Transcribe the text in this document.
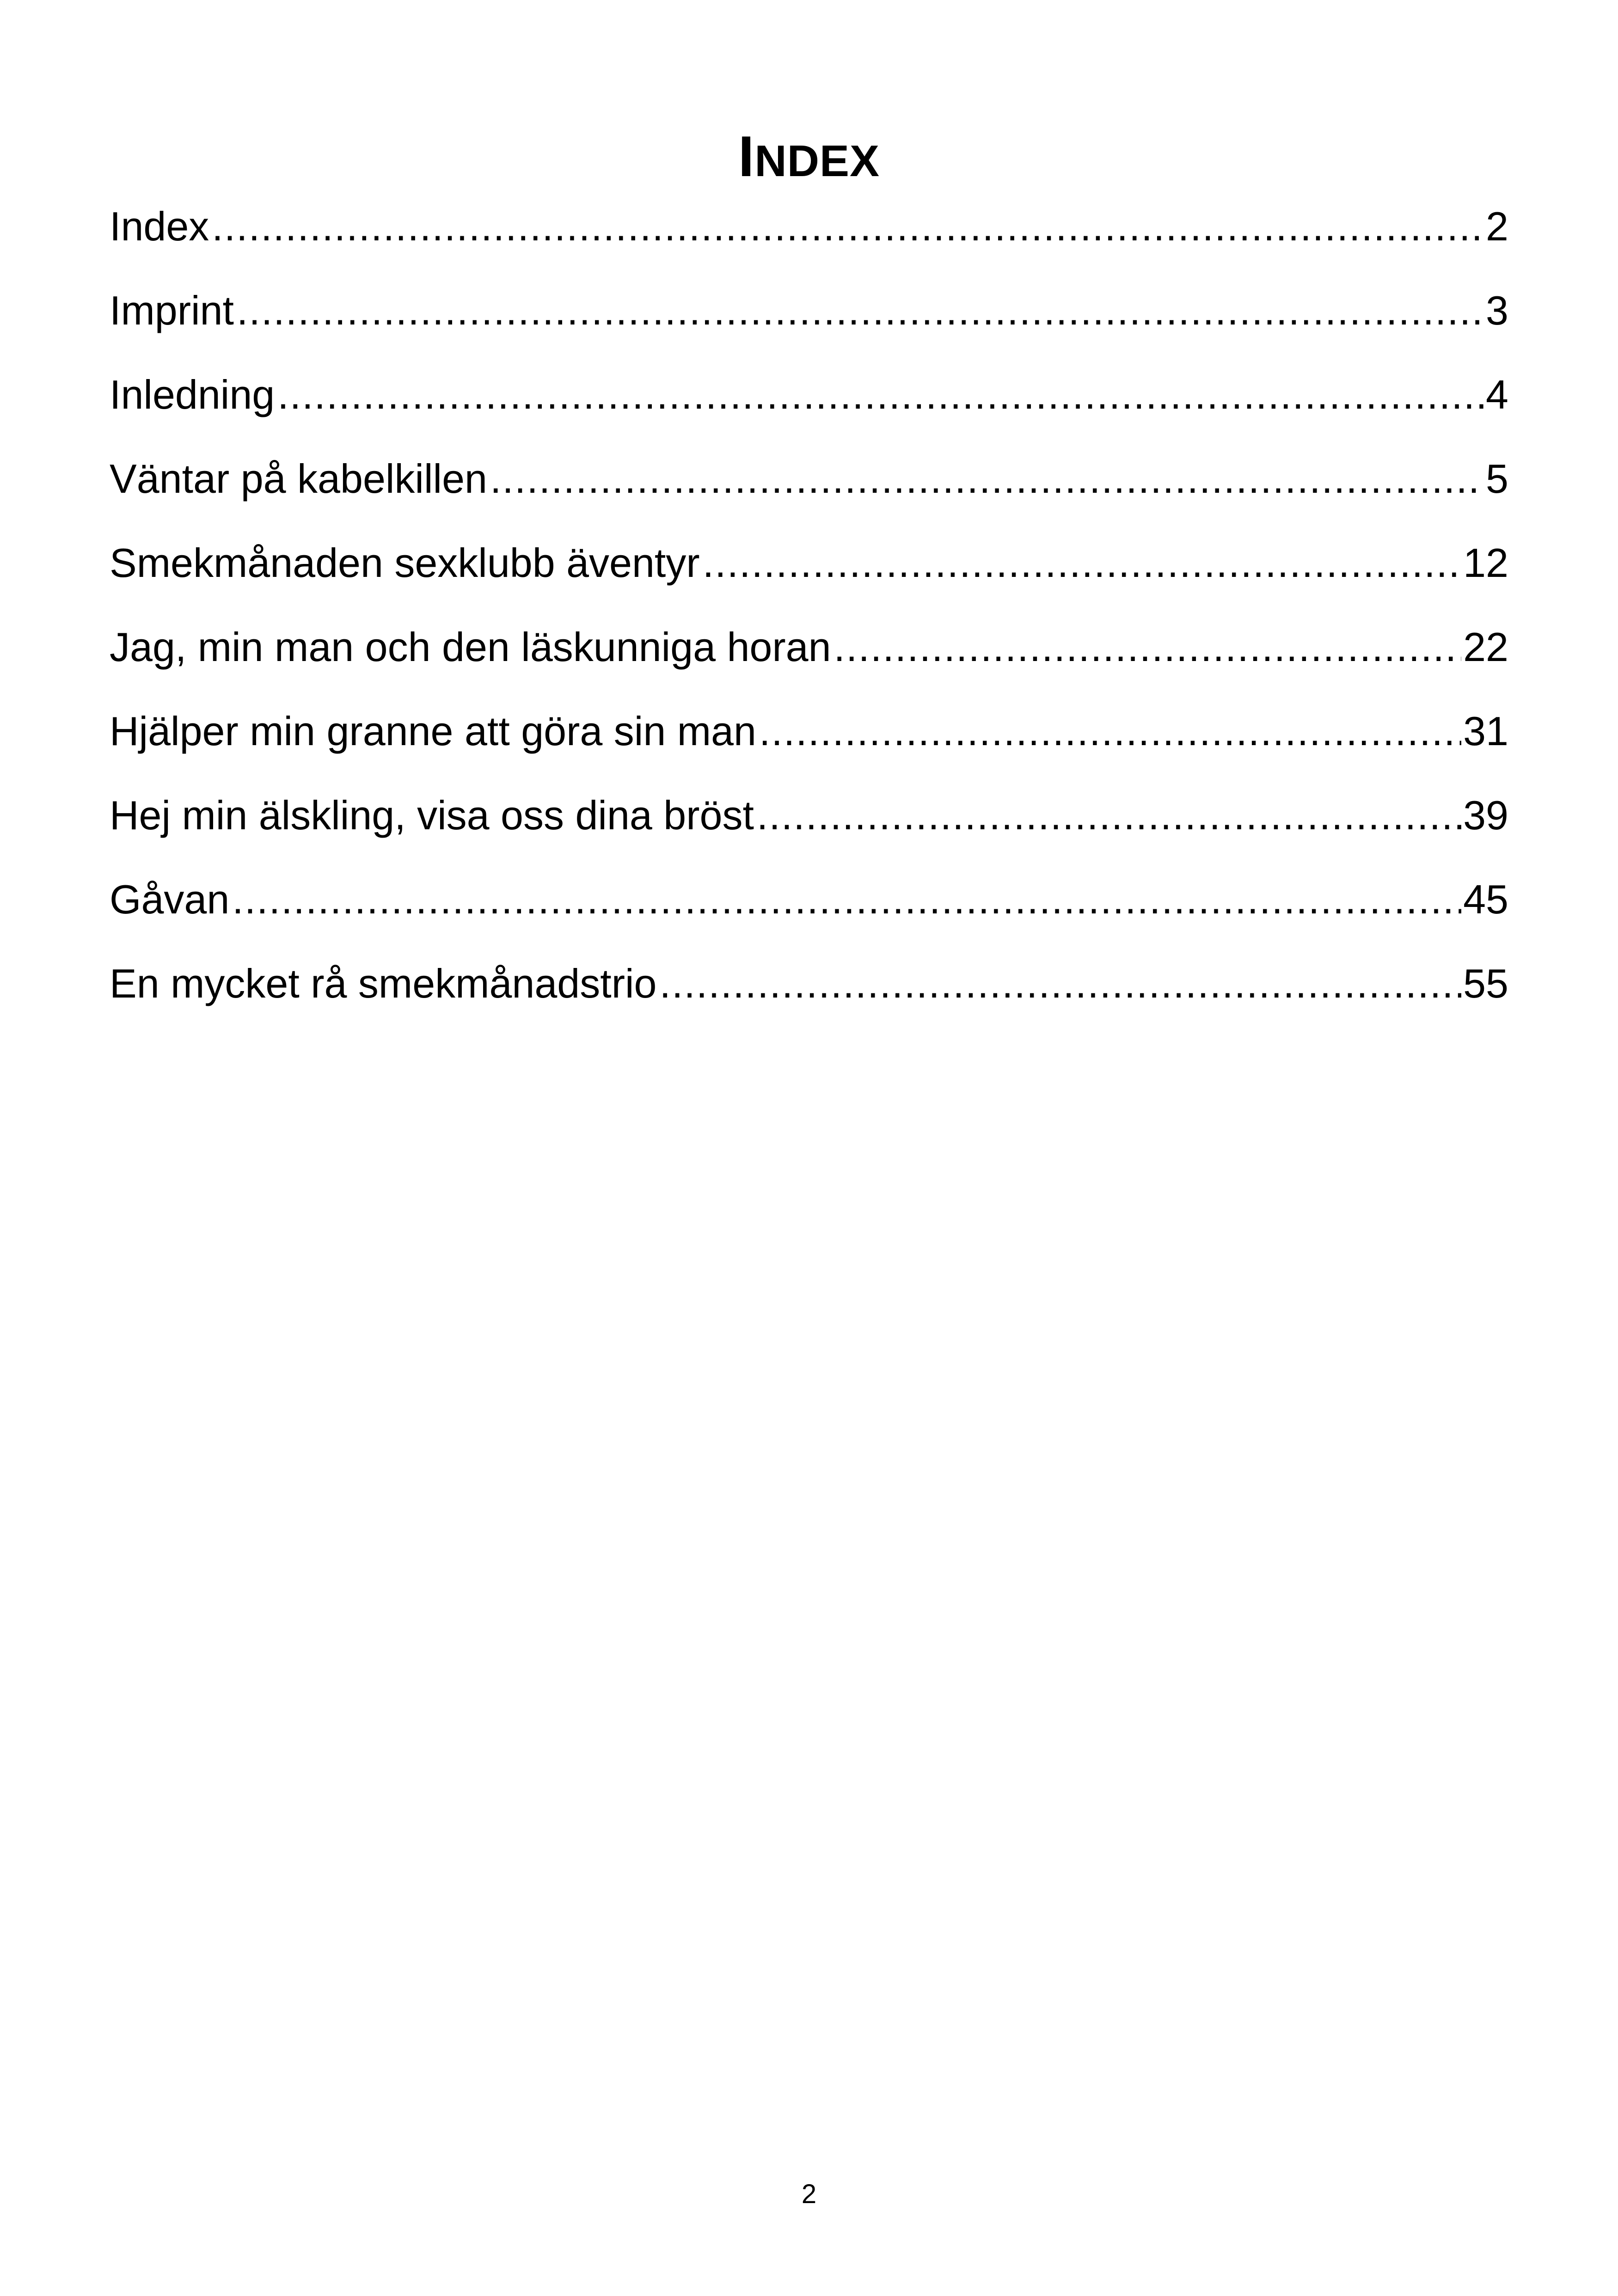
INDEX
Index .....	2
Imprint .....	3
Inledning .....	4
Väntar på kabelkillen .....	5
Smekmånaden sexklubb äventyr .....	12
Jag, min man och den läskunniga horan .....	22
Hjälper min granne att göra sin man .....	31
Hej min älskling, visa oss dina bröst .....	39
Gåvan .....	45
En mycket rå smekmånadstrio .....	55
2
